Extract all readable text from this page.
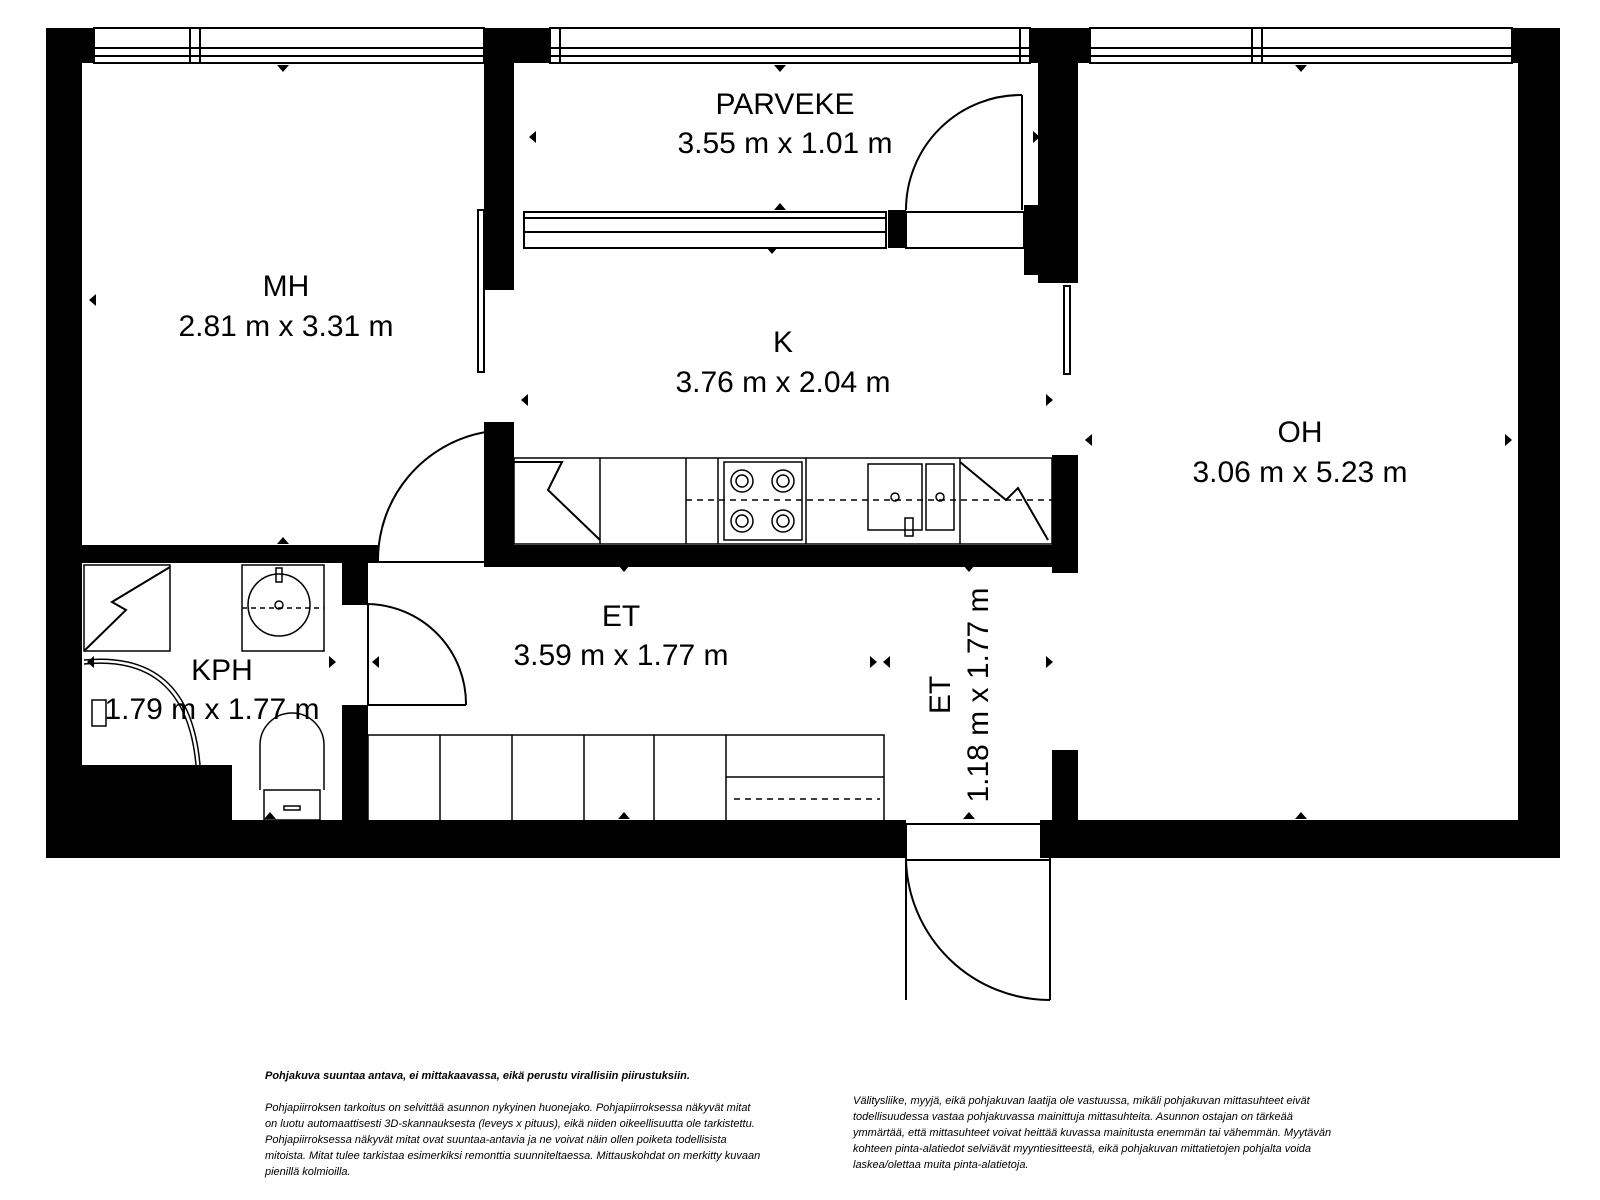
PARVEKE
3.55 m x 1.01 m
MH
2.81 m x 3.31 m	K
3.76 m x 2.04 m
OH
3.06 m x 5.23 m
ET
3.59 m x 1.77 m
KPH
1.79 m x 1.77 m	ET 1.18 m x 1.77 m

Pohjakuva suuntaa antava, ei mittakaavassa, eikä perustu virallisiin piirustuksiin.

Pohjapiirroksen tarkoitus on selvittää asunnon nykyinen huonejako. Pohjapiirroksessa näkyvät mitat on luotu automaattisesti 3D-skannauksesta (leveys x pituus), eikä niiden oikeellisuutta ole tarkistettu. Pohjapiirroksessa näkyvät mitat ovat suuntaa-antavia ja ne voivat näin ollen poiketa todellisista mitoista. Mitat tulee tarkistaa esimerkiksi remonttia suunniteltaessa. Mittauskohdat on merkitty kuvaan pienillä kolmioilla.

Välitysliike, myyjä, eikä pohjakuvan laatija ole vastuussa, mikäli pohjakuvan mittasuhteet eivät todellisuudessa vastaa pohjakuvassa mainittuja mittasuhteita. Asunnon ostajan on tärkeää ymmärtää, että mittasuhteet voivat heittää kuvassa mainitusta enemmän tai vähemmän. Myytävän kohteen pinta-alatiedot selviävät myyntiesitteestä, eikä pohjakuvan mittatietojen pohjalta voida laskea/olettaa muita pinta-alatietoja.
